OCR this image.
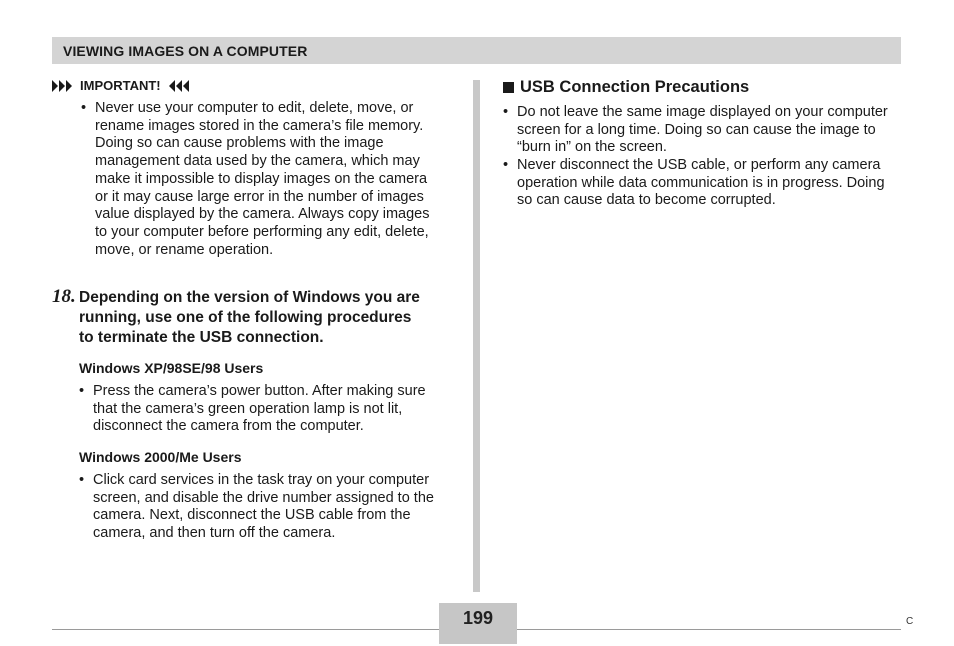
VIEWING IMAGES ON A COMPUTER
IMPORTANT!
• Never use your computer to edit, delete, move, or
rename images stored in the camera’s file memory.
Doing so can cause problems with the image
management data used by the camera, which may
make it impossible to display images on the camera
or it may cause large error in the number of images
value displayed by the camera. Always copy images
to your computer before performing any edit, delete,
move, or rename operation.
18. Depending on the version of Windows you are
running, use one of the following procedures
to terminate the USB connection.
Windows XP/98SE/98 Users
• Press the camera’s power button. After making sure
that the camera’s green operation lamp is not lit,
disconnect the camera from the computer.
Windows 2000/Me Users
• Click card services in the task tray on your computer
screen, and disable the drive number assigned to the
camera. Next, disconnect the USB cable from the
camera, and then turn off the camera.
USB Connection Precautions
• Do not leave the same image displayed on your computer
screen for a long time. Doing so can cause the image to
“burn in” on the screen.
• Never disconnect the USB cable, or perform any camera
operation while data communication is in progress. Doing
so can cause data to become corrupted.
199	C
